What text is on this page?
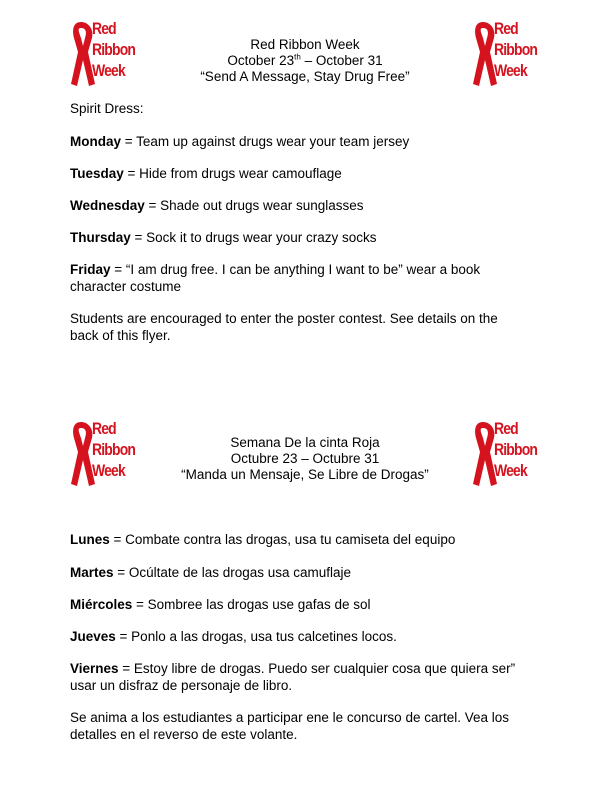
Red
Ribbon
Week
Red
Ribbon
Week
Red Ribbon Week
October 23th – October 31
“Send A Message, Stay Drug Free”
Spirit Dress:
Monday = Team up against drugs wear your team jersey
Tuesday = Hide from drugs wear camouflage
Wednesday = Shade out drugs wear sunglasses
Thursday = Sock it to drugs wear your crazy socks
Friday = “I am drug free. I can be anything I want to be” wear a book character costume
Students are encouraged to enter the poster contest. See details on the back of this flyer.
Red
Ribbon
Week
Red
Ribbon
Week
Semana De la cinta Roja
Octubre 23 – Octubre 31
“Manda un Mensaje, Se Libre de Drogas”
Lunes = Combate contra las drogas, usa tu camiseta del equipo
Martes = Ocúltate de las drogas usa camuflaje
Miércoles = Sombree las drogas use gafas de sol
Jueves = Ponlo a las drogas, usa tus calcetines locos.
Viernes = Estoy libre de drogas. Puedo ser cualquier cosa que quiera ser” usar un disfraz de personaje de libro.
Se anima a los estudiantes a participar ene le concurso de cartel. Vea los detalles en el reverso de este volante.
